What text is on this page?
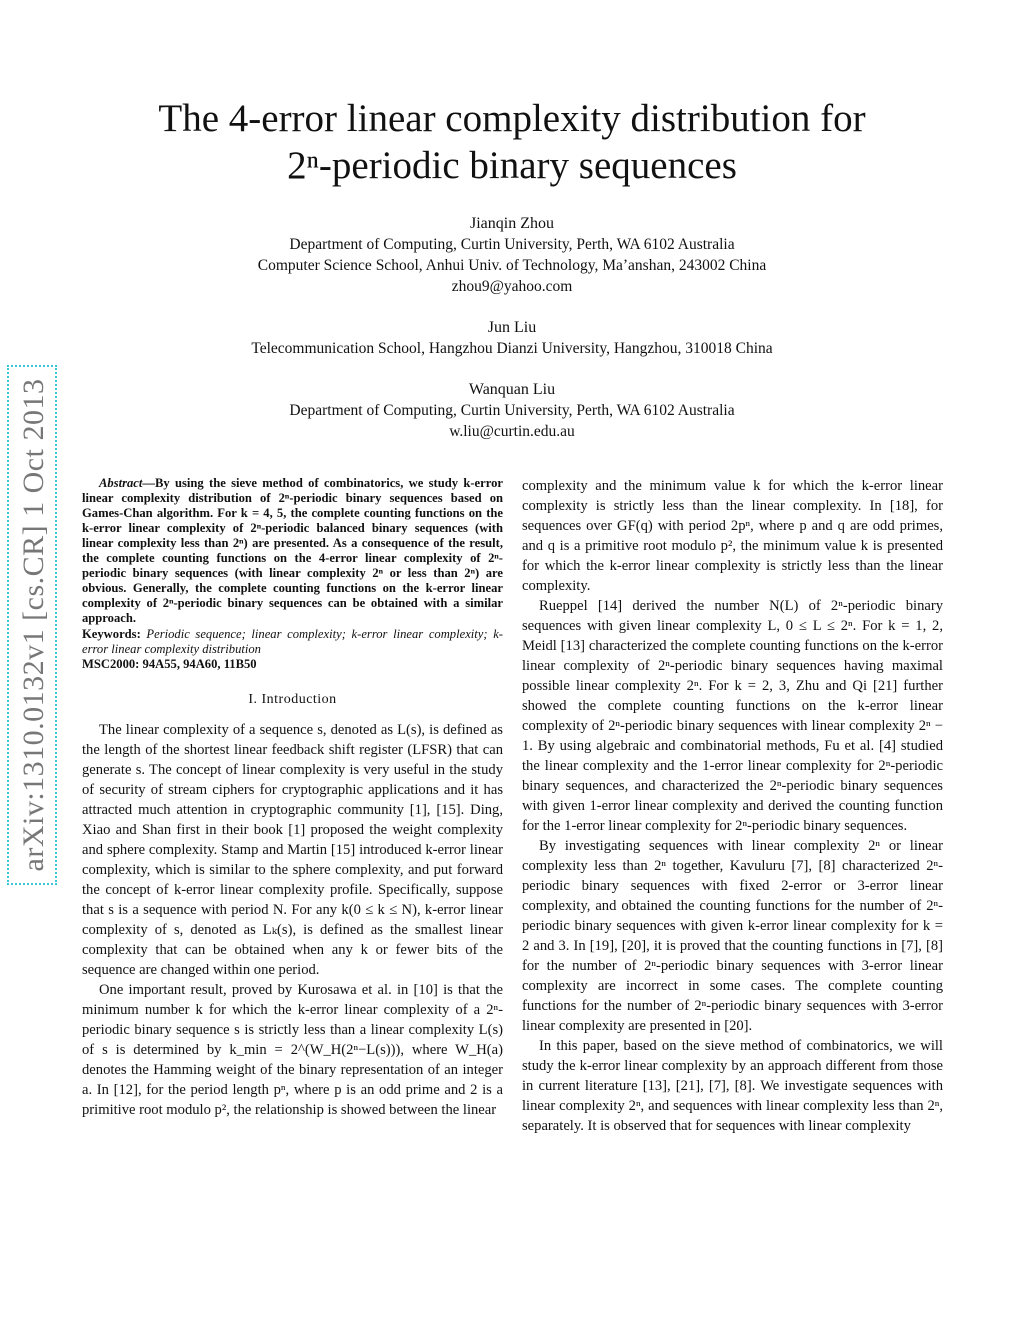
The 4-error linear complexity distribution for
2ⁿ-periodic binary sequences
Jianqin Zhou
Department of Computing, Curtin University, Perth, WA 6102 Australia
Computer Science School, Anhui Univ. of Technology, Ma’anshan, 243002 China
zhou9@yahoo.com
Jun Liu
Telecommunication School, Hangzhou Dianzi University, Hangzhou, 310018 China
Wanquan Liu
Department of Computing, Curtin University, Perth, WA 6102 Australia
w.liu@curtin.edu.au
arXiv:1310.0132v1 [cs.CR] 1 Oct 2013	Abstract—By using the sieve method of combinatorics, we study k-error linear complexity distribution of 2ⁿ-periodic binary sequences based on Games-Chan algorithm. For k = 4, 5, the complete counting functions on the k-error linear complexity of 2ⁿ-periodic balanced binary sequences (with linear complexity less than 2ⁿ) are presented. As a consequence of the result, the complete counting functions on the 4-error linear complexity of 2ⁿ-periodic binary sequences (with linear complexity 2ⁿ or less than 2ⁿ) are obvious. Generally, the complete counting functions on the k-error linear complexity of 2ⁿ-periodic binary sequences can be obtained with a similar approach.

Keywords: Periodic sequence; linear complexity; k-error linear complexity; k-error linear complexity distribution
MSC2000: 94A55, 94A60, 11B50
I. Introduction

The linear complexity of a sequence s, denoted as L(s), is defined as the length of the shortest linear feedback shift register (LFSR) that can generate s. The concept of linear complexity is very useful in the study of security of stream ciphers for cryptographic applications and it has attracted much attention in cryptographic community [1], [15]. Ding, Xiao and Shan first in their book [1] proposed the weight complexity and sphere complexity. Stamp and Martin [15] introduced k-error linear complexity, which is similar to the sphere complexity, and put forward the concept of k-error linear complexity profile. Specifically, suppose that s is a sequence with period N. For any k(0 ≤ k ≤ N), k-error linear complexity of s, denoted as Lₖ(s), is defined as the smallest linear complexity that can be obtained when any k or fewer bits of the sequence are changed within one period.

One important result, proved by Kurosawa et al. in [10] is that the minimum number k for which the k-error linear complexity of a 2ⁿ-periodic binary sequence s is strictly less than a linear complexity L(s) of s is determined by k_min = 2^(W_H(2ⁿ−L(s))), where W_H(a) denotes the Hamming weight of the binary representation of an integer a. In [12], for the period length pⁿ, where p is an odd prime and 2 is a primitive root modulo p², the relationship is showed between the linear

complexity and the minimum value k for which the k-error linear complexity is strictly less than the linear complexity. In [18], for sequences over GF(q) with period 2pⁿ, where p and q are odd primes, and q is a primitive root modulo p², the minimum value k is presented for which the k-error linear complexity is strictly less than the linear complexity.

Rueppel [14] derived the number N(L) of 2ⁿ-periodic binary sequences with given linear complexity L, 0 ≤ L ≤ 2ⁿ. For k = 1, 2, Meidl [13] characterized the complete counting functions on the k-error linear complexity of 2ⁿ-periodic binary sequences having maximal possible linear complexity 2ⁿ. For k = 2, 3, Zhu and Qi [21] further showed the complete counting functions on the k-error linear complexity of 2ⁿ-periodic binary sequences with linear complexity 2ⁿ − 1. By using algebraic and combinatorial methods, Fu et al. [4] studied the linear complexity and the 1-error linear complexity for 2ⁿ-periodic binary sequences, and characterized the 2ⁿ-periodic binary sequences with given 1-error linear complexity and derived the counting function for the 1-error linear complexity for 2ⁿ-periodic binary sequences.

By investigating sequences with linear complexity 2ⁿ or linear complexity less than 2ⁿ together, Kavuluru [7], [8] characterized 2ⁿ-periodic binary sequences with fixed 2-error or 3-error linear complexity, and obtained the counting functions for the number of 2ⁿ-periodic binary sequences with given k-error linear complexity for k = 2 and 3. In [19], [20], it is proved that the counting functions in [7], [8] for the number of 2ⁿ-periodic binary sequences with 3-error linear complexity are incorrect in some cases. The complete counting functions for the number of 2ⁿ-periodic binary sequences with 3-error linear complexity are presented in [20].

In this paper, based on the sieve method of combinatorics, we will study the k-error linear complexity by an approach different from those in current literature [13], [21], [7], [8]. We investigate sequences with linear complexity 2ⁿ, and sequences with linear complexity less than 2ⁿ, separately. It is observed that for sequences with linear complexity
